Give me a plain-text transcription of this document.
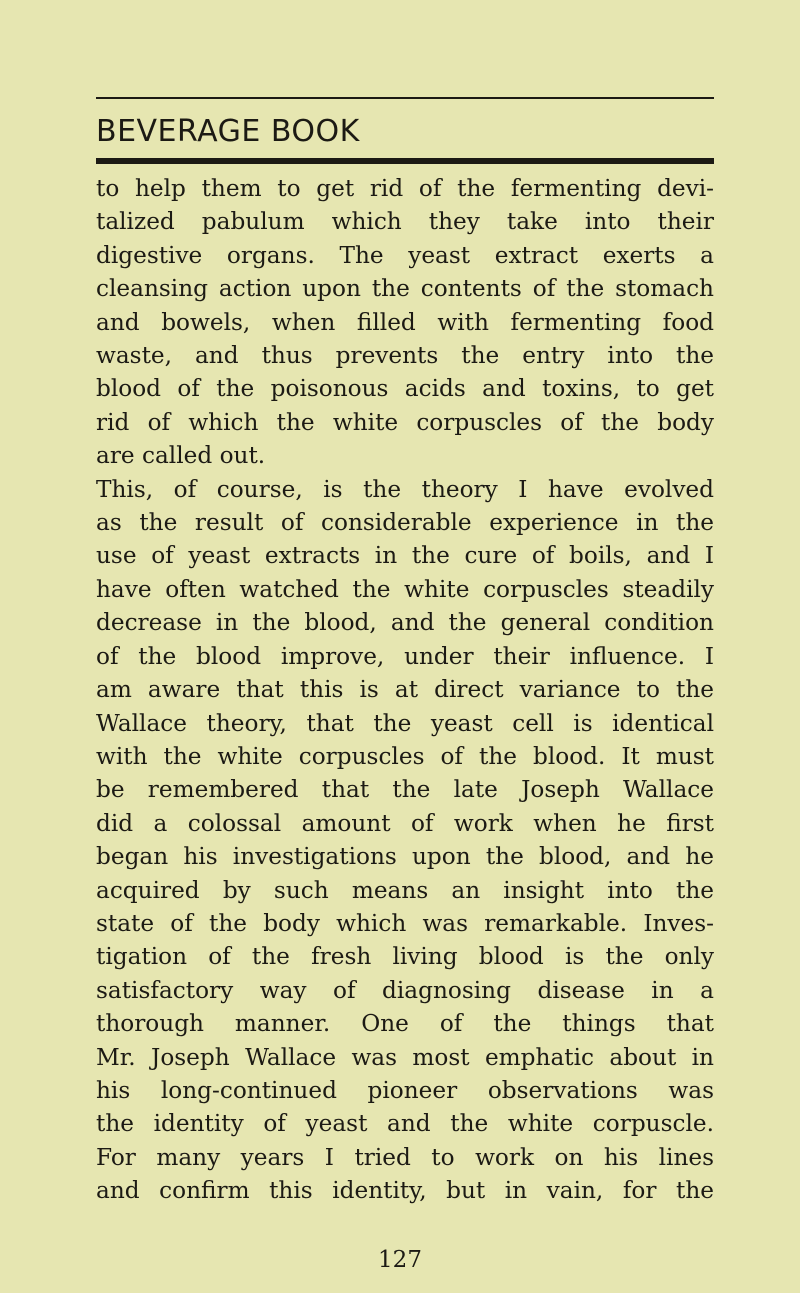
BEVERAGE BOOK
to help them to get rid of the fermenting devi-
talized pabulum which they take into their
digestive organs. The yeast extract exerts a
cleansing action upon the contents of the stomach
and bowels, when filled with fermenting food
waste, and thus prevents the entry into the
blood of the poisonous acids and toxins, to get
rid of which the white corpuscles of the body
are called out.
This, of course, is the theory I have evolved
as the result of considerable experience in the
use of yeast extracts in the cure of boils, and I
have often watched the white corpuscles steadily
decrease in the blood, and the general condition
of the blood improve, under their influence. I
am aware that this is at direct variance to the
Wallace theory, that the yeast cell is identical
with the white corpuscles of the blood. It must
be remembered that the late Joseph Wallace
did a colossal amount of work when he first
began his investigations upon the blood, and he
acquired by such means an insight into the
state of the body which was remarkable. Inves-
tigation of the fresh living blood is the only
satisfactory way of diagnosing disease in a
thorough manner. One of the things that
Mr. Joseph Wallace was most emphatic about in
his long-continued pioneer observations was
the identity of yeast and the white corpuscle.
For many years I tried to work on his lines
and confirm this identity, but in vain, for the
127
